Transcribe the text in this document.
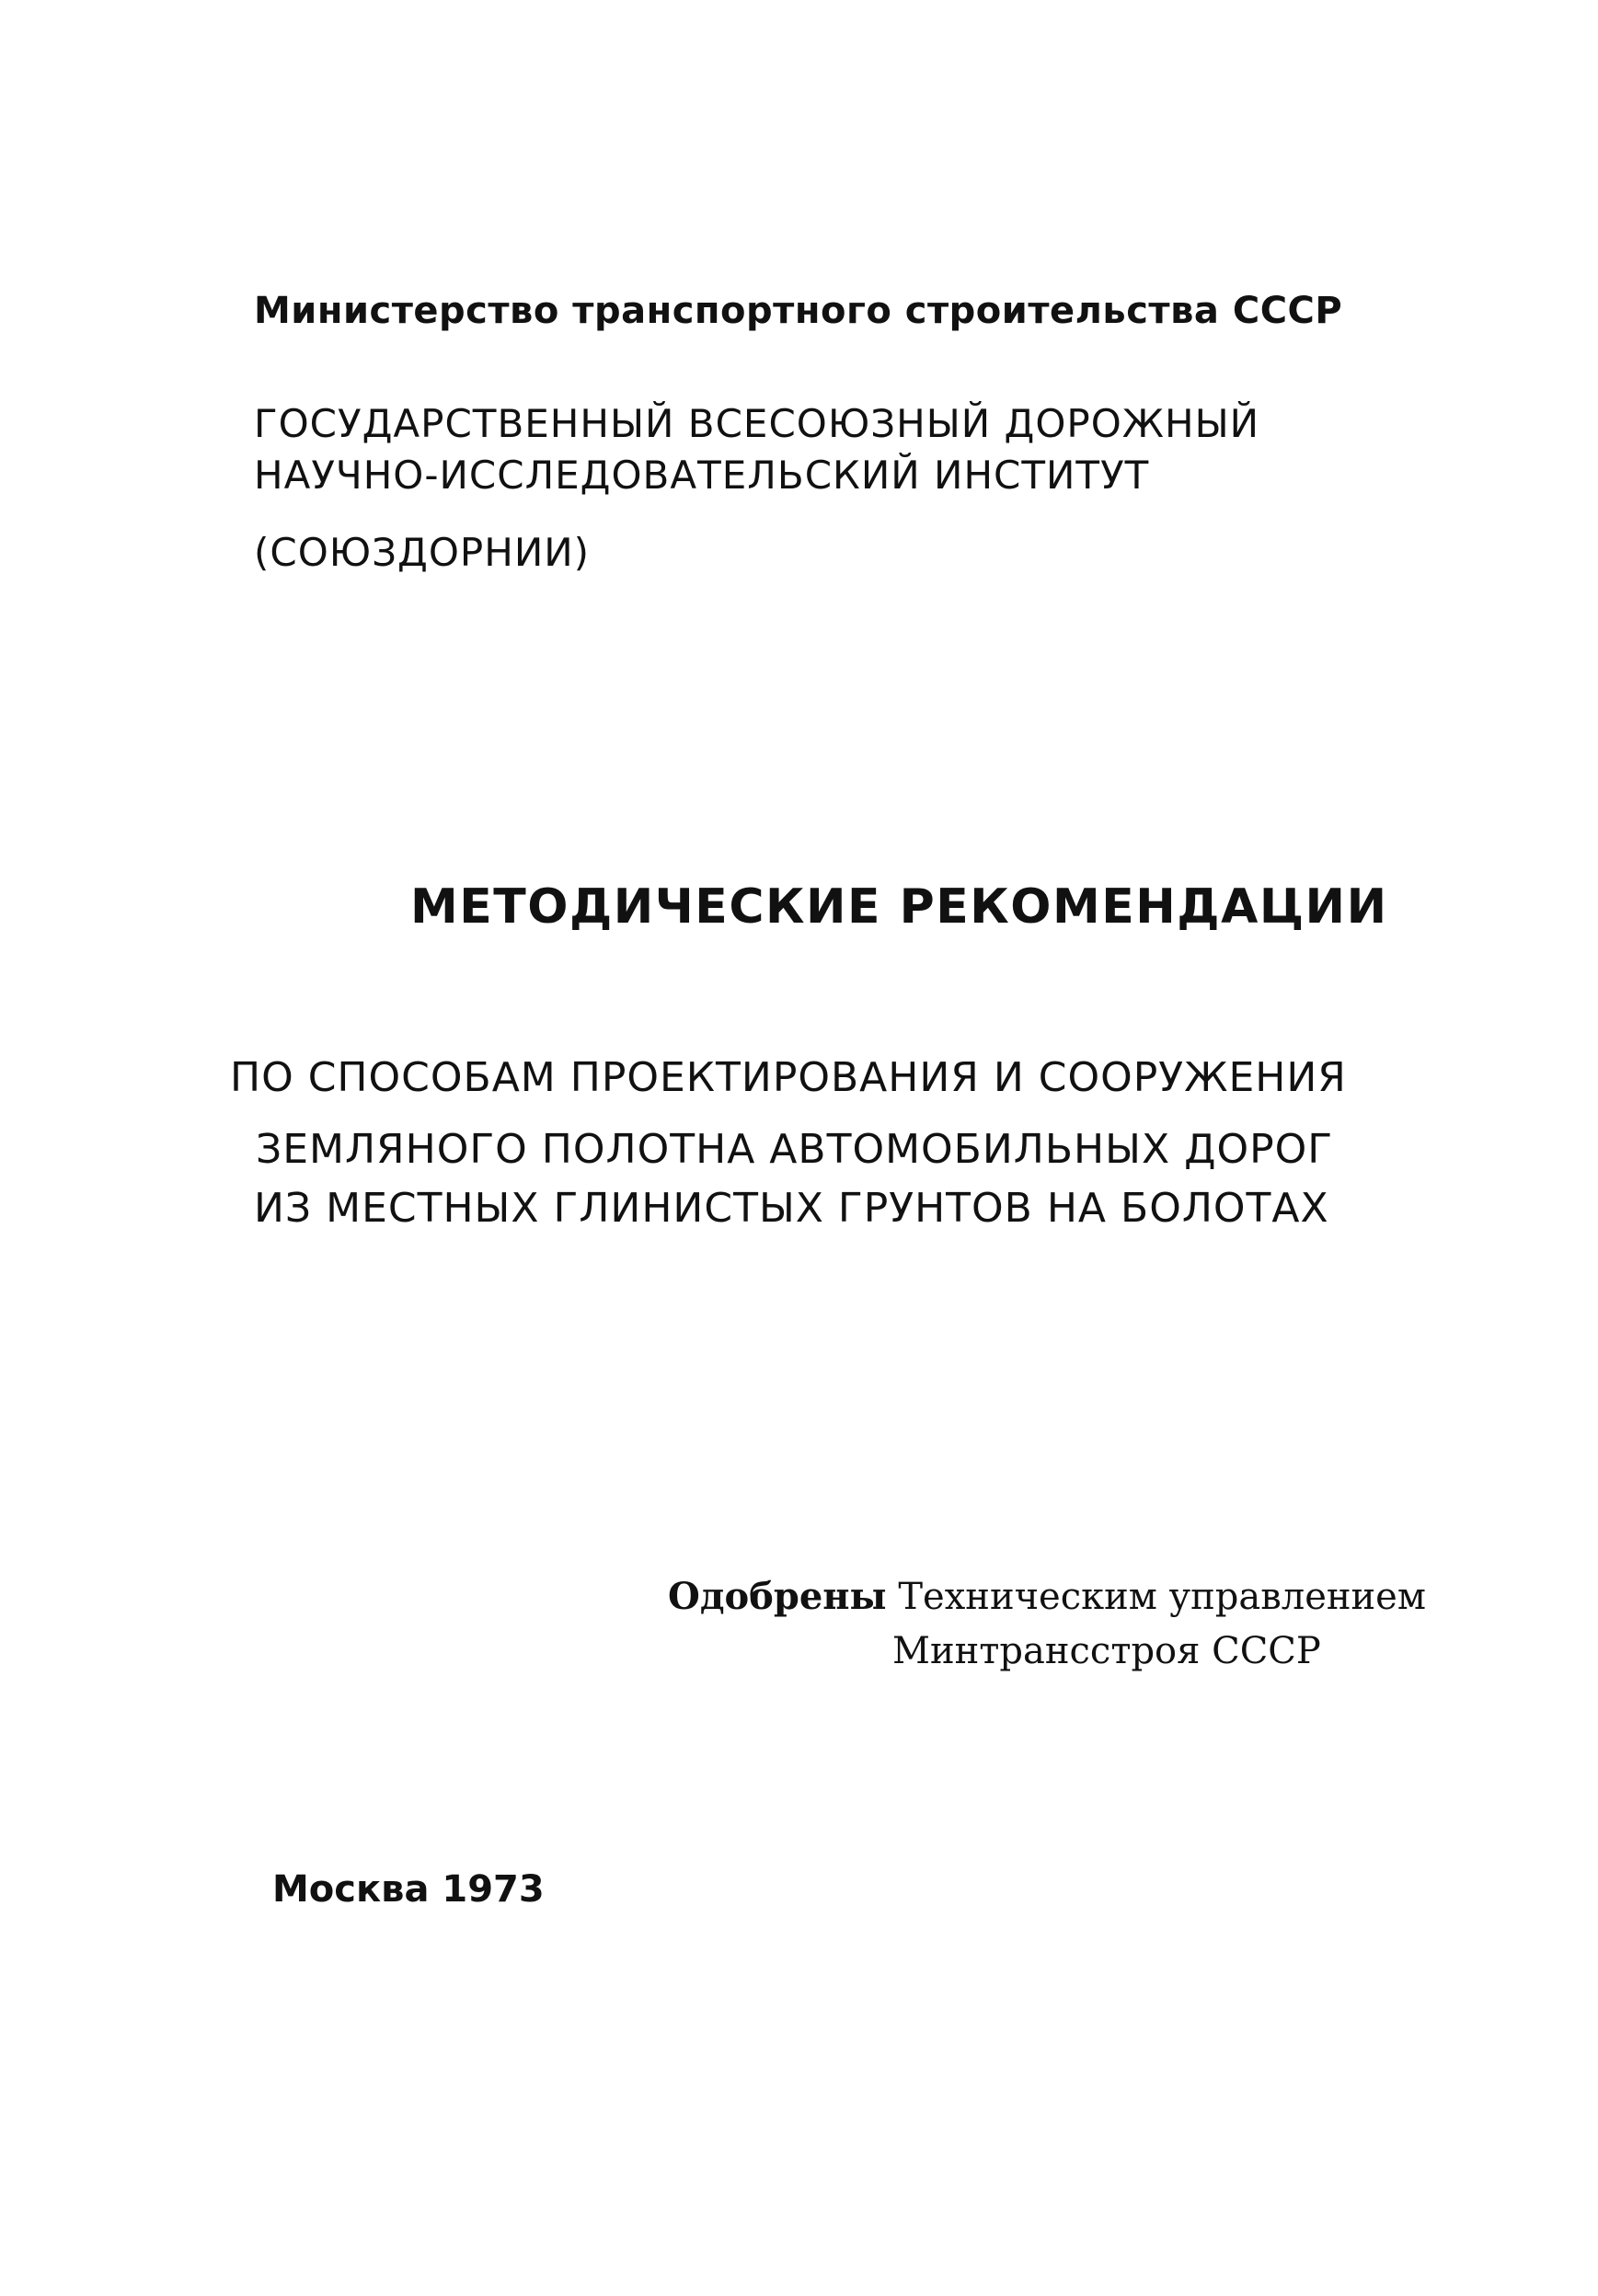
Министерство транспортного строительства СССР

ГОСУДАРСТВЕННЫЙ ВСЕСОЮЗНЫЙ ДОРОЖНЫЙ

НАУЧНО-ИССЛЕДОВАТЕЛЬСКИЙ ИНСТИТУТ

(СОЮЗДОРНИИ)

МЕТОДИЧЕСКИЕ РЕКОМЕНДАЦИИ

ПО СПОСОБАМ ПРОЕКТИРОВАНИЯ И СООРУЖЕНИЯ

ЗЕМЛЯНОГО ПОЛОТНА АВТОМОБИЛЬНЫХ ДОРОГ

ИЗ МЕСТНЫХ ГЛИНИСТЫХ ГРУНТОВ НА БОЛОТАХ

Одобрены Техническим управлением

Минтрансстроя СССР

Москва 1973
